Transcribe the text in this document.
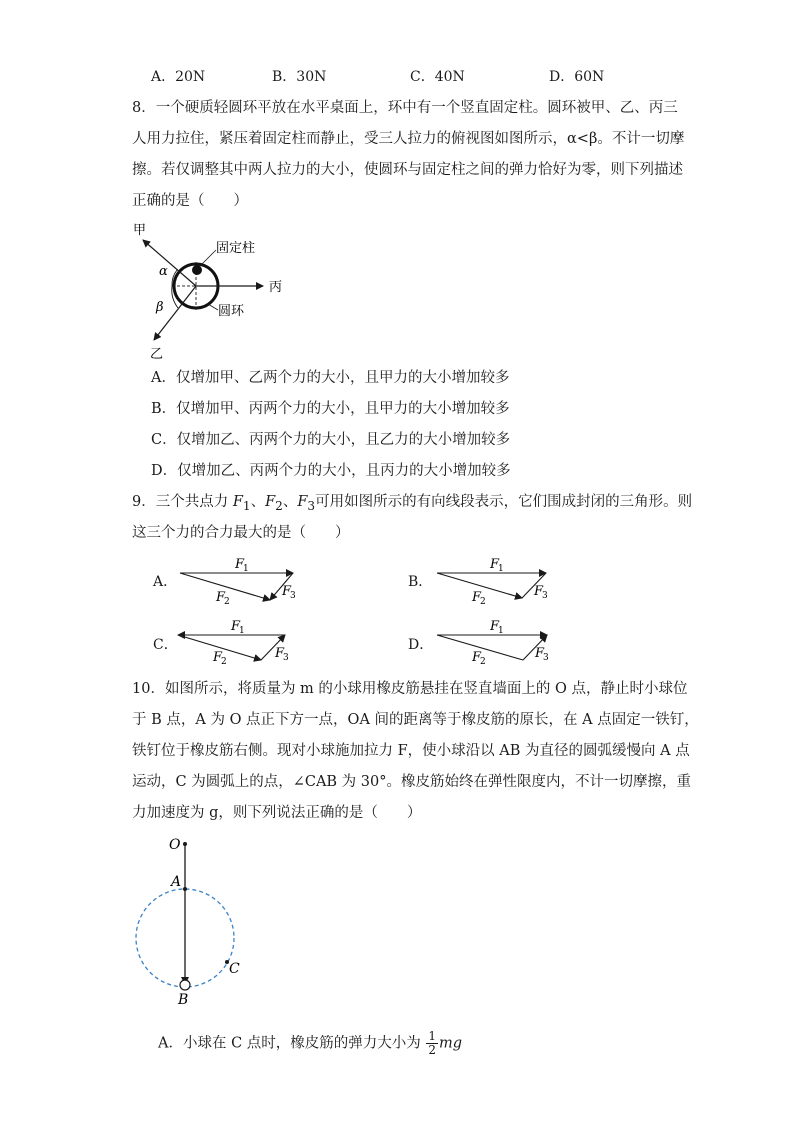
A．20N	B．30N	C．40N	D．60N
8．一个硬质轻圆环平放在水平桌面上，环中有一个竖直固定柱。圆环被甲、乙、丙三
人用力拉住，紧压着固定柱而静止，受三人拉力的俯视图如图所示，α<β。不计一切摩
擦。若仅调整其中两人拉力的大小，使圆环与固定柱之间的弹力恰好为零，则下列描述
正确的是（　　）
甲
固定柱
丙
圆环
α
β
乙
A．仅增加甲、乙两个力的大小，且甲力的大小增加较多
B．仅增加甲、丙两个力的大小，且甲力的大小增加较多
C．仅增加乙、丙两个力的大小，且乙力的大小增加较多
D．仅增加乙、丙两个力的大小，且丙力的大小增加较多
9．三个共点力 $F_1$、$F_2$、$F_3$可用如图所示的有向线段表示，它们围成封闭的三角形。则
这三个力的合力最大的是（　　）
A．	B．
C．	D．
F
1
F
2
F
3
F
1
F
2
F
3
F
1
F
2
F
3
F
1
F
2
F
3
10．如图所示，将质量为 m 的小球用橡皮筋悬挂在竖直墙面上的 O 点，静止时小球位
于 B 点，A 为 O 点正下方一点，OA 间的距离等于橡皮筋的原长，在 A 点固定一铁钉，
铁钉位于橡皮筋右侧。现对小球施加拉力 F，使小球沿以 AB 为直径的圆弧缓慢向 A 点
运动，C 为圆弧上的点，∠CAB 为 30°。橡皮筋始终在弹性限度内，不计一切摩擦，重
力加速度为 g，则下列说法正确的是（　　）
O
A
B
C
A．小球在 C 点时，橡皮筋的弹力大小为 $\frac{1}{2}$ mg
